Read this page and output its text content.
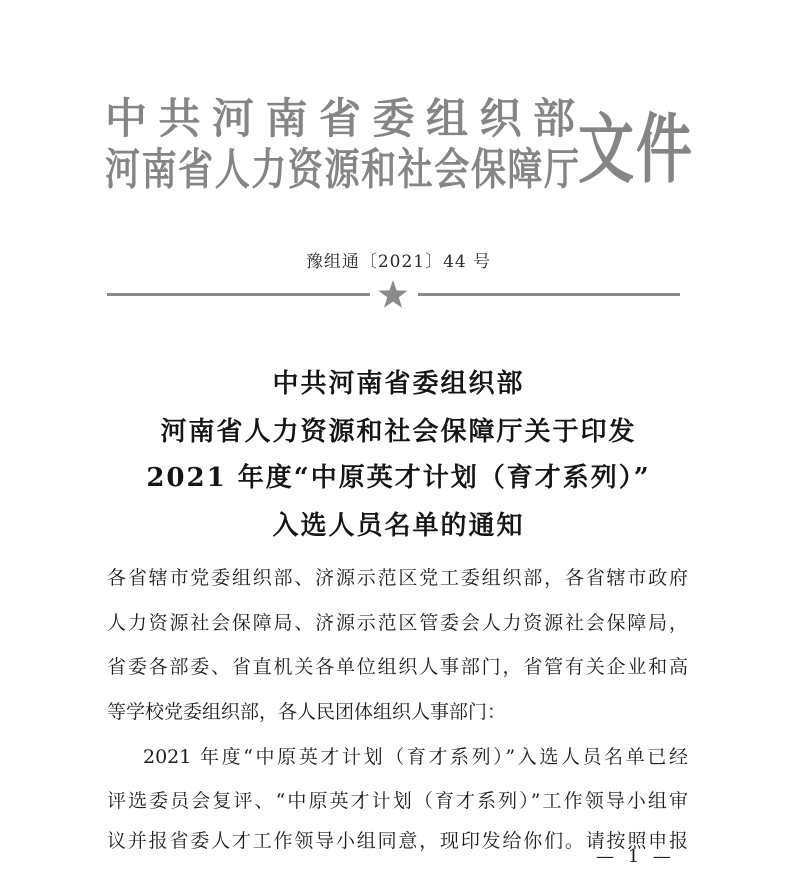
中共河南省委组织部
河南省人力资源和社会保障厅 文件
豫组通〔2021〕44 号
中共河南省委组织部
河南省人力资源和社会保障厅关于印发
2021 年度“中原英才计划（育才系列）”
入选人员名单的通知
各省辖市党委组织部、济源示范区党工委组织部，各省辖市政府
人力资源社会保障局、济源示范区管委会人力资源社会保障局，
省委各部委、省直机关各单位组织人事部门，省管有关企业和高
等学校党委组织部，各人民团体组织人事部门：
2021 年度“中原英才计划（育才系列）”入选人员名单已经
评选委员会复评、“中原英才计划（育才系列）”工作领导小组审
议并报省委人才工作领导小组同意，现印发给你们。请按照申报
— 1 —
